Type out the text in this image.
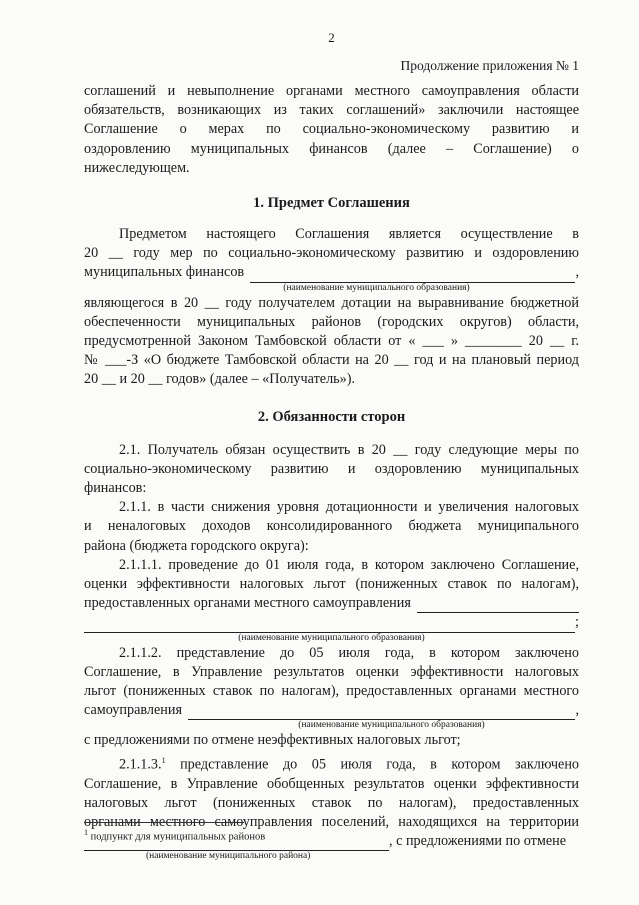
2
Продолжение приложения № 1

соглашений и невыполнение органами местного самоуправления области

обязательств, возникающих из таких соглашений» заключили настоящее

Соглашение о мерах по социально-экономическому развитию и

оздоровлению муниципальных финансов (далее – Соглашение) о

нижеследующем.

1. Предмет Соглашения

Предметом настоящего Соглашения является осуществление в

20 __ году мер по социально-экономическому развитию и оздоровлению

муниципальных финансов	,

(наименование муниципального образования)

являющегося в 20 __ году получателем дотации на выравнивание бюджетной

обеспеченности муниципальных районов (городских округов) области,

предусмотренной Законом Тамбовской области от « ___ » ________ 20 __ г.

№ ___-З «О бюджете Тамбовской области на 20 __ год и на плановый период

20 __ и 20 __ годов» (далее – «Получатель»).

2. Обязанности сторон

2.1. Получатель обязан осуществить в 20 __ году следующие меры по

социально-экономическому развитию и оздоровлению муниципальных

финансов:

2.1.1. в части снижения уровня дотационности и увеличения налоговых

и неналоговых доходов консолидированного бюджета муниципального

района (бюджета городского округа):

2.1.1.1. проведение до 01 июля года, в котором заключено Соглашение,

оценки эффективности налоговых льгот (пониженных ставок по налогам),

предоставленных органами местного самоуправления

;

(наименование муниципального образования)

2.1.1.2. представление до 05 июля года, в котором заключено

Соглашение, в Управление результатов оценки эффективности налоговых

льгот (пониженных ставок по налогам), предоставленных органами местного

самоуправления	,

(наименование муниципального образования)

с предложениями по отмене неэффективных налоговых льгот;

2.1.1.3.$^1$ представление до 05 июля года, в котором заключено

Соглашение, в Управление обобщенных результатов оценки эффективности

налоговых льгот (пониженных ставок по налогам), предоставленных

органами местного самоуправления поселений, находящихся на территории

, с предложениями по отмене

(наименование муниципального района)
$^1$ подпункт для муниципальных районов
